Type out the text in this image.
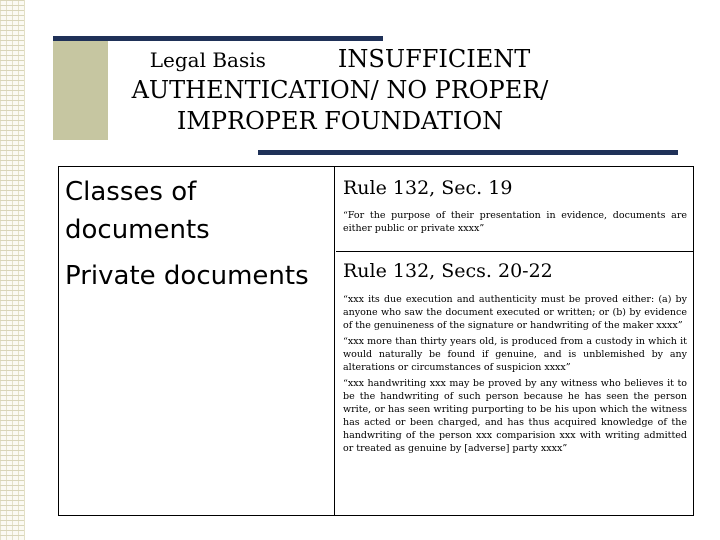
Legal Basis	INSUFFICIENT
AUTHENTICATION/ NO PROPER/
IMPROPER FOUNDATION
Classes of documents
Private documents
Rule 132, Sec. 19
“For the purpose of their presentation in evidence, documents are either public or private xxxx”
Rule 132, Secs. 20-22

“xxx its due execution and authenticity must be proved either: (a) by anyone who saw the document executed or written; or (b) by evidence of the genuineness of the signature or handwriting of the maker xxxx”

“xxx more than thirty years old, is produced from a custody in which it would naturally be found if genuine, and is unblemished by any alterations or circumstances of suspicion xxxx”

“xxx handwriting xxx may be proved by any witness who believes it to be the handwriting of such person because he has seen the person write, or has seen writing purporting to be his upon which the witness has acted or been charged, and has thus acquired knowledge of the handwriting of the person xxx comparision xxx with writing admitted or treated as genuine by [adverse] party xxxx”
